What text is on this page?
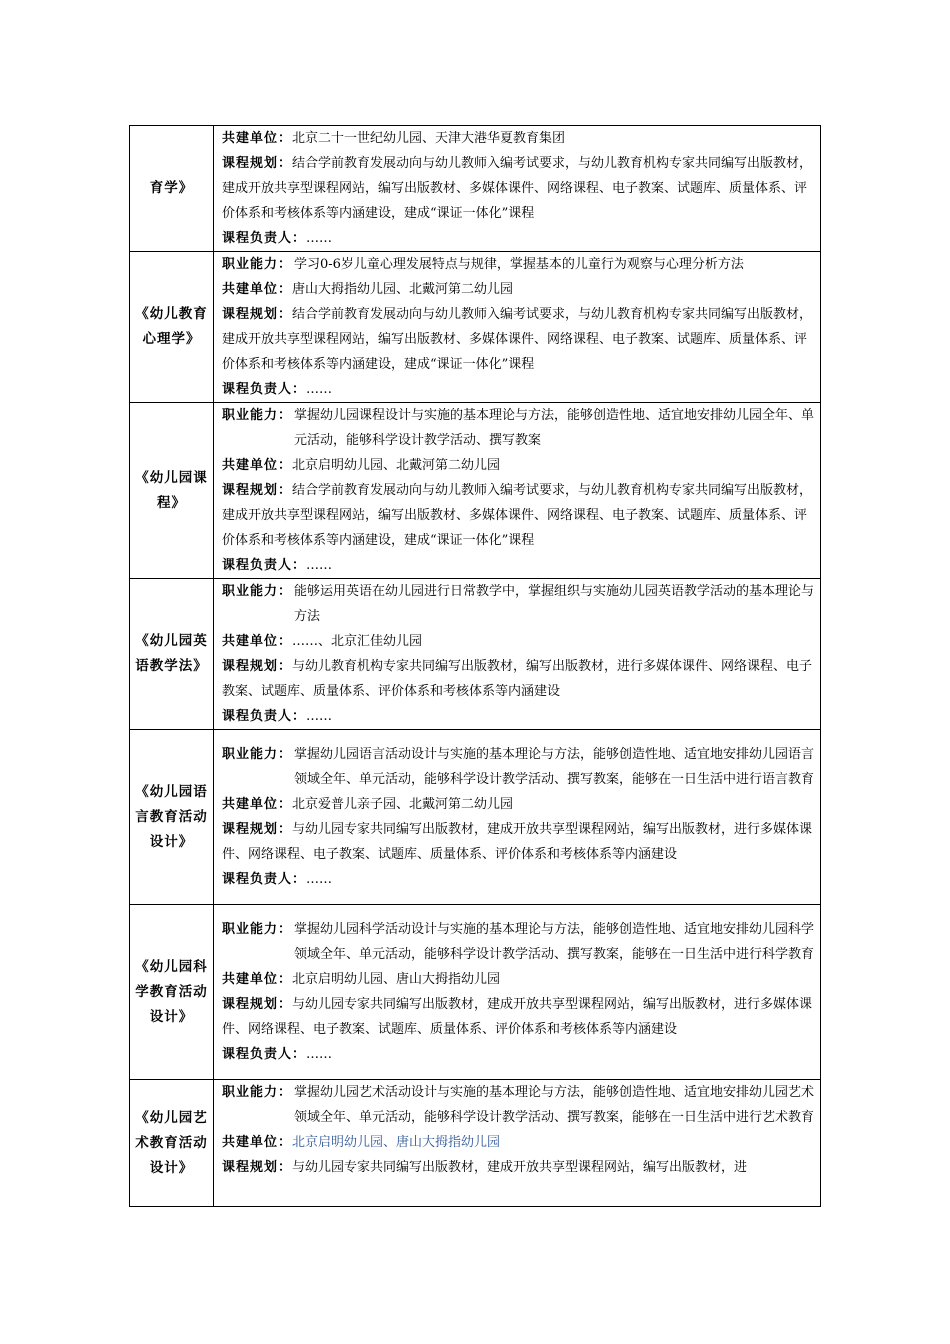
育学》	共建单位：北京二十一世纪幼儿园、天津大港华夏教育集团
课程规划：结合学前教育发展动向与幼儿教师入编考试要求，与幼儿教育机构专家共同编写出版教材，建成开放共享型课程网站，编写出版教材、多媒体课件、网络课程、电子教案、试题库、质量体系、评价体系和考核体系等内涵建设，建成“课证一体化”课程
课程负责人：……

《幼儿教育心理学》	职业能力： 学习0-6岁儿童心理发展特点与规律，掌握基本的儿童行为观察与心理分析方法
共建单位：唐山大拇指幼儿园、北戴河第二幼儿园
课程规划：结合学前教育发展动向与幼儿教师入编考试要求，与幼儿教育机构专家共同编写出版教材，建成开放共享型课程网站，编写出版教材、多媒体课件、网络课程、电子教案、试题库、质量体系、评价体系和考核体系等内涵建设，建成“课证一体化”课程
课程负责人：……

《幼儿园课程》	职业能力： 掌握幼儿园课程设计与实施的基本理论与方法，能够创造性地、适宜地安排幼儿园全年、单元活动，能够科学设计教学活动、撰写教案
共建单位：北京启明幼儿园、北戴河第二幼儿园
课程规划：结合学前教育发展动向与幼儿教师入编考试要求，与幼儿教育机构专家共同编写出版教材，建成开放共享型课程网站，编写出版教材、多媒体课件、网络课程、电子教案、试题库、质量体系、评价体系和考核体系等内涵建设，建成“课证一体化”课程
课程负责人：……

《幼儿园英语教学法》	职业能力： 能够运用英语在幼儿园进行日常教学中，掌握组织与实施幼儿园英语教学活动的基本理论与方法
共建单位：……、北京汇佳幼儿园
课程规划：与幼儿教育机构专家共同编写出版教材，编写出版教材，进行多媒体课件、网络课程、电子教案、试题库、质量体系、评价体系和考核体系等内涵建设
课程负责人：……

《幼儿园语言教育活动设计》	职业能力： 掌握幼儿园语言活动设计与实施的基本理论与方法，能够创造性地、适宜地安排幼儿园语言领域全年、单元活动，能够科学设计教学活动、撰写教案，能够在一日生活中进行语言教育
共建单位：北京爱普儿亲子园、北戴河第二幼儿园
课程规划：与幼儿园专家共同编写出版教材，建成开放共享型课程网站，编写出版教材，进行多媒体课件、网络课程、电子教案、试题库、质量体系、评价体系和考核体系等内涵建设
课程负责人：……

《幼儿园科学教育活动设计》	职业能力： 掌握幼儿园科学活动设计与实施的基本理论与方法，能够创造性地、适宜地安排幼儿园科学领域全年、单元活动，能够科学设计教学活动、撰写教案，能够在一日生活中进行科学教育
共建单位：北京启明幼儿园、唐山大拇指幼儿园
课程规划：与幼儿园专家共同编写出版教材，建成开放共享型课程网站，编写出版教材，进行多媒体课件、网络课程、电子教案、试题库、质量体系、评价体系和考核体系等内涵建设
课程负责人：……

《幼儿园艺术教育活动设计》	职业能力： 掌握幼儿园艺术活动设计与实施的基本理论与方法，能够创造性地、适宜地安排幼儿园艺术领域全年、单元活动，能够科学设计教学活动、撰写教案，能够在一日生活中进行艺术教育
共建单位：北京启明幼儿园、唐山大拇指幼儿园
课程规划：与幼儿园专家共同编写出版教材，建成开放共享型课程网站，编写出版教材，进
